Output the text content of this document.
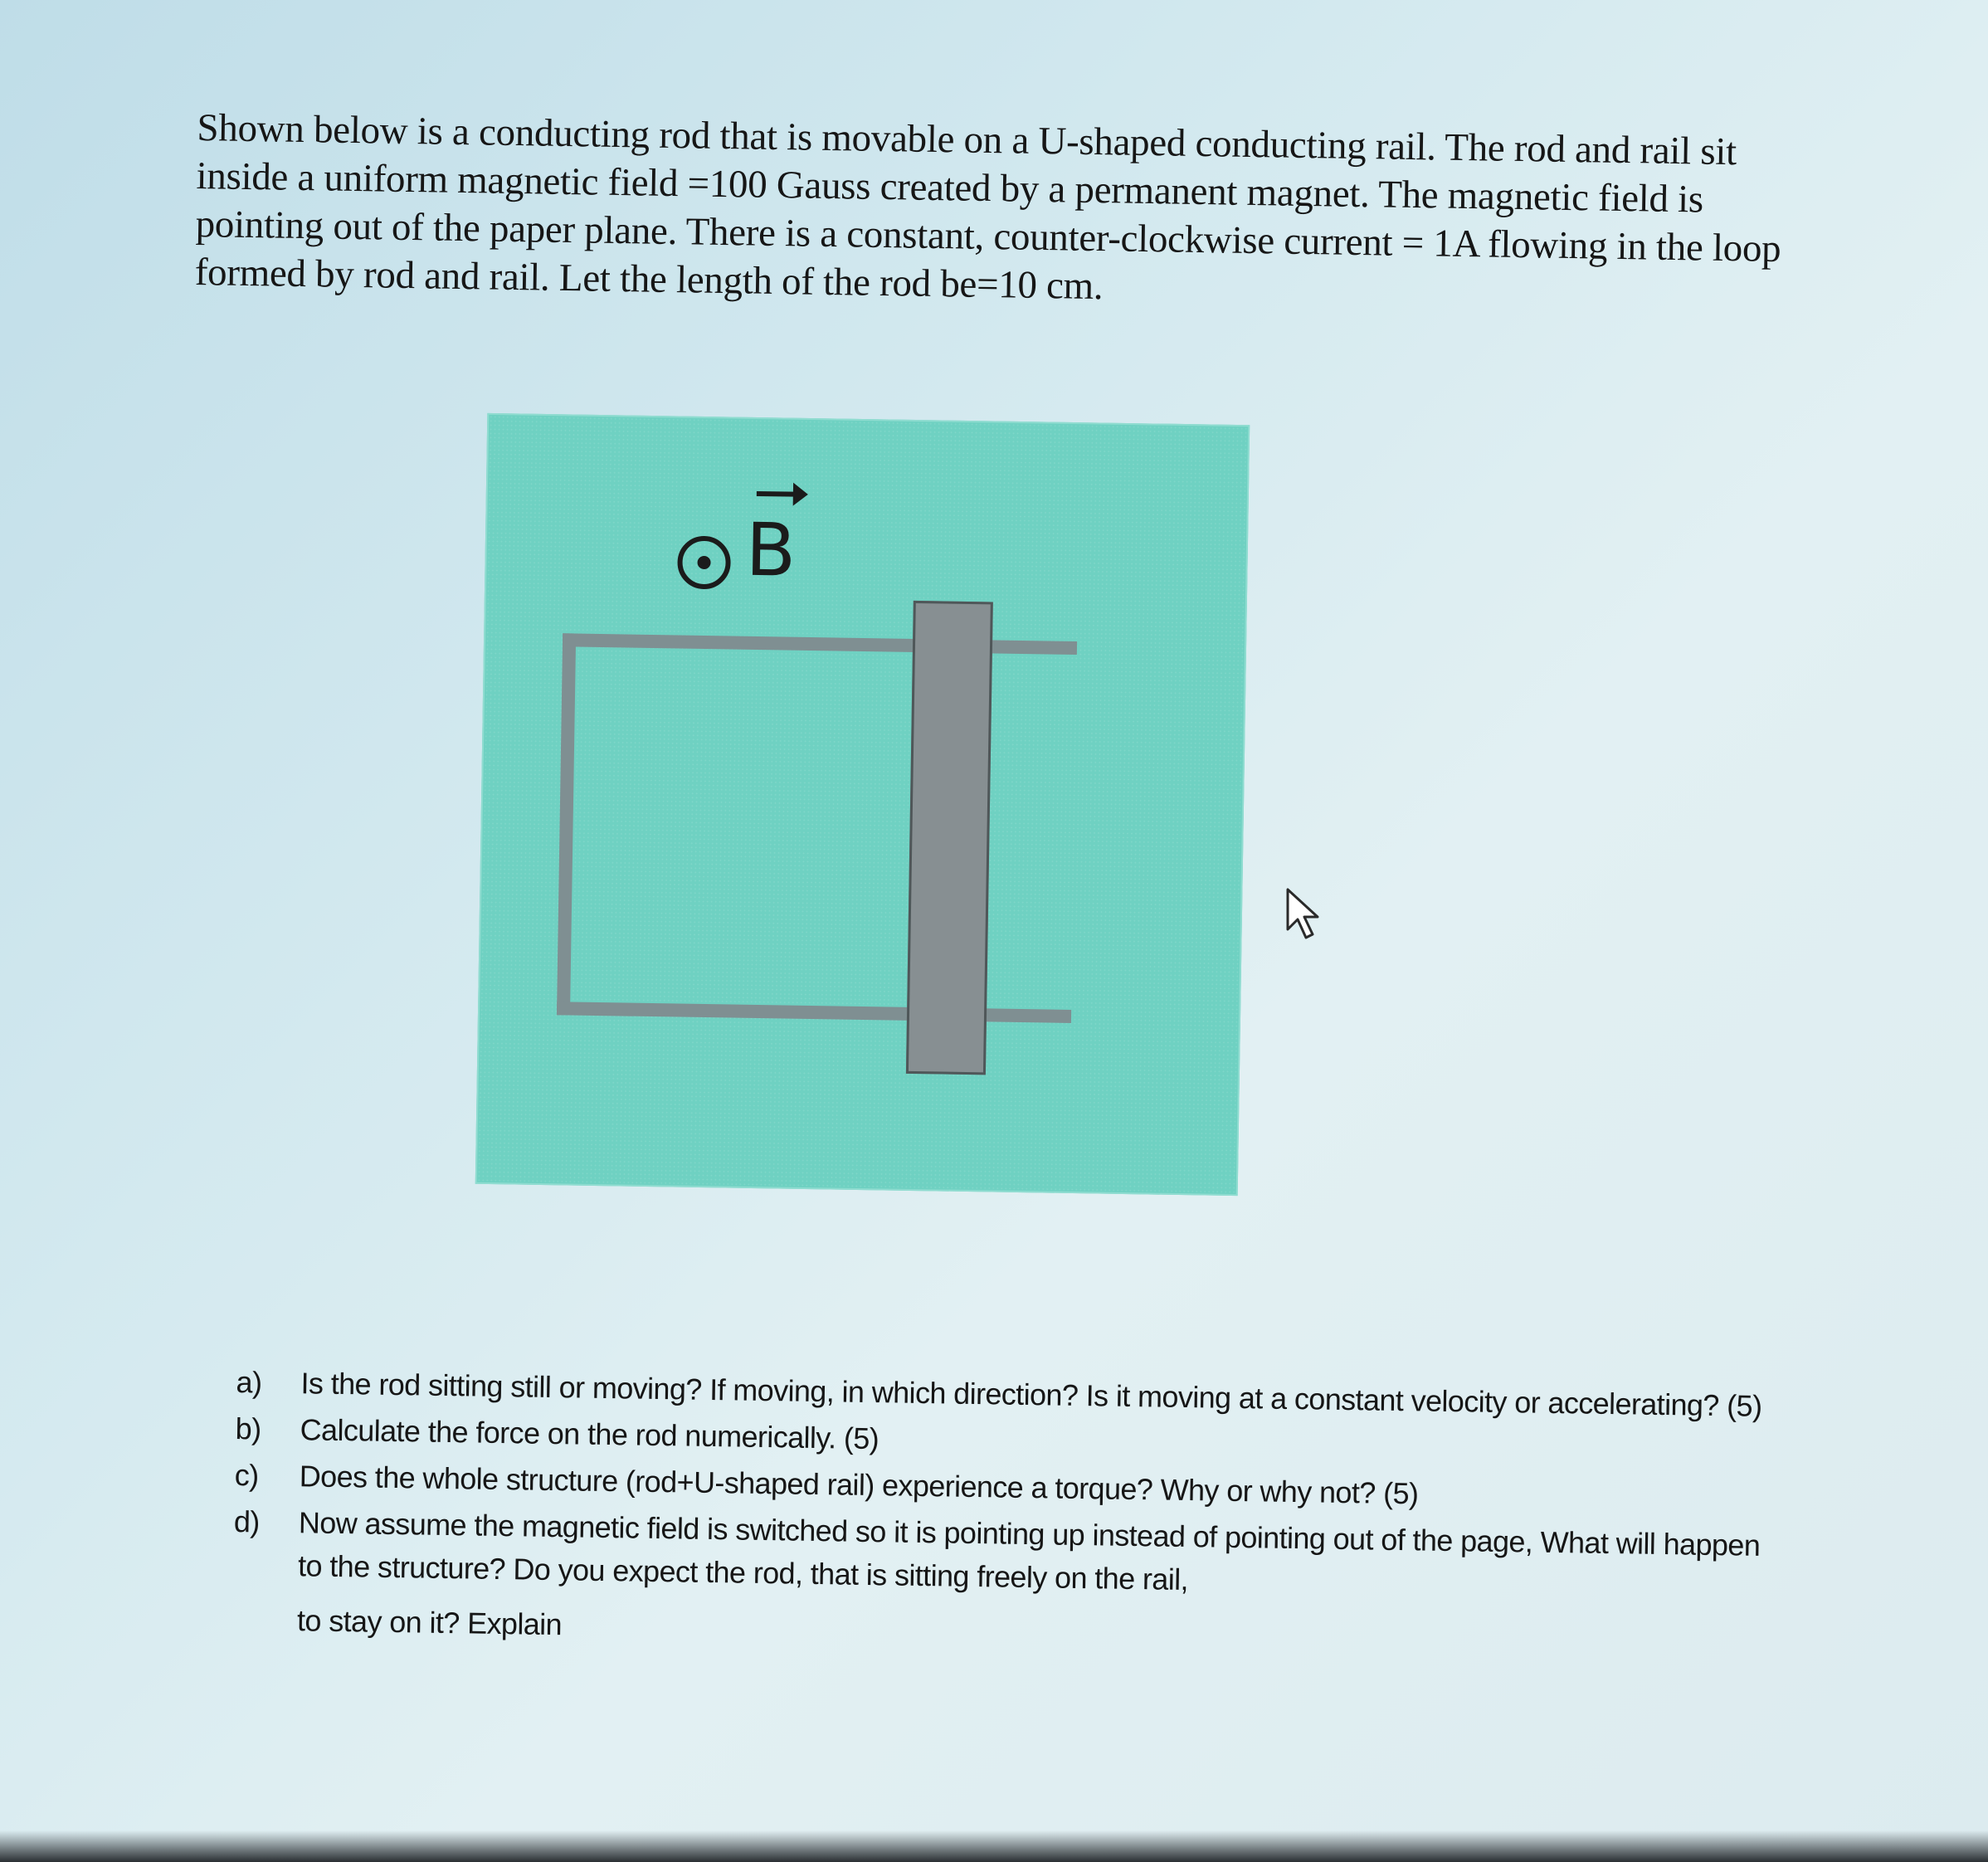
Shown below is a conducting rod that is movable on a U-shaped conducting rail. The rod and rail sit inside a uniform magnetic field =100 Gauss created by a permanent magnet. The magnetic field is pointing out of the paper plane. There is a constant, counter-clockwise current = 1A flowing in the loop formed by rod and rail. Let the length of the rod be=10 cm.

B
a)	Is the rod sitting still or moving? If moving, in which direction? Is it moving at a constant velocity or accelerating? (5)
b)	Calculate the force on the rod numerically. (5)
c)	Does the whole structure (rod+U-shaped rail) experience a torque? Why or why not? (5)
d)	Now assume the magnetic field is switched so it is pointing up instead of pointing out of the page, What will happen to the structure? Do you expect the rod, that is sitting freely on the rail,
to stay on it? Explain
